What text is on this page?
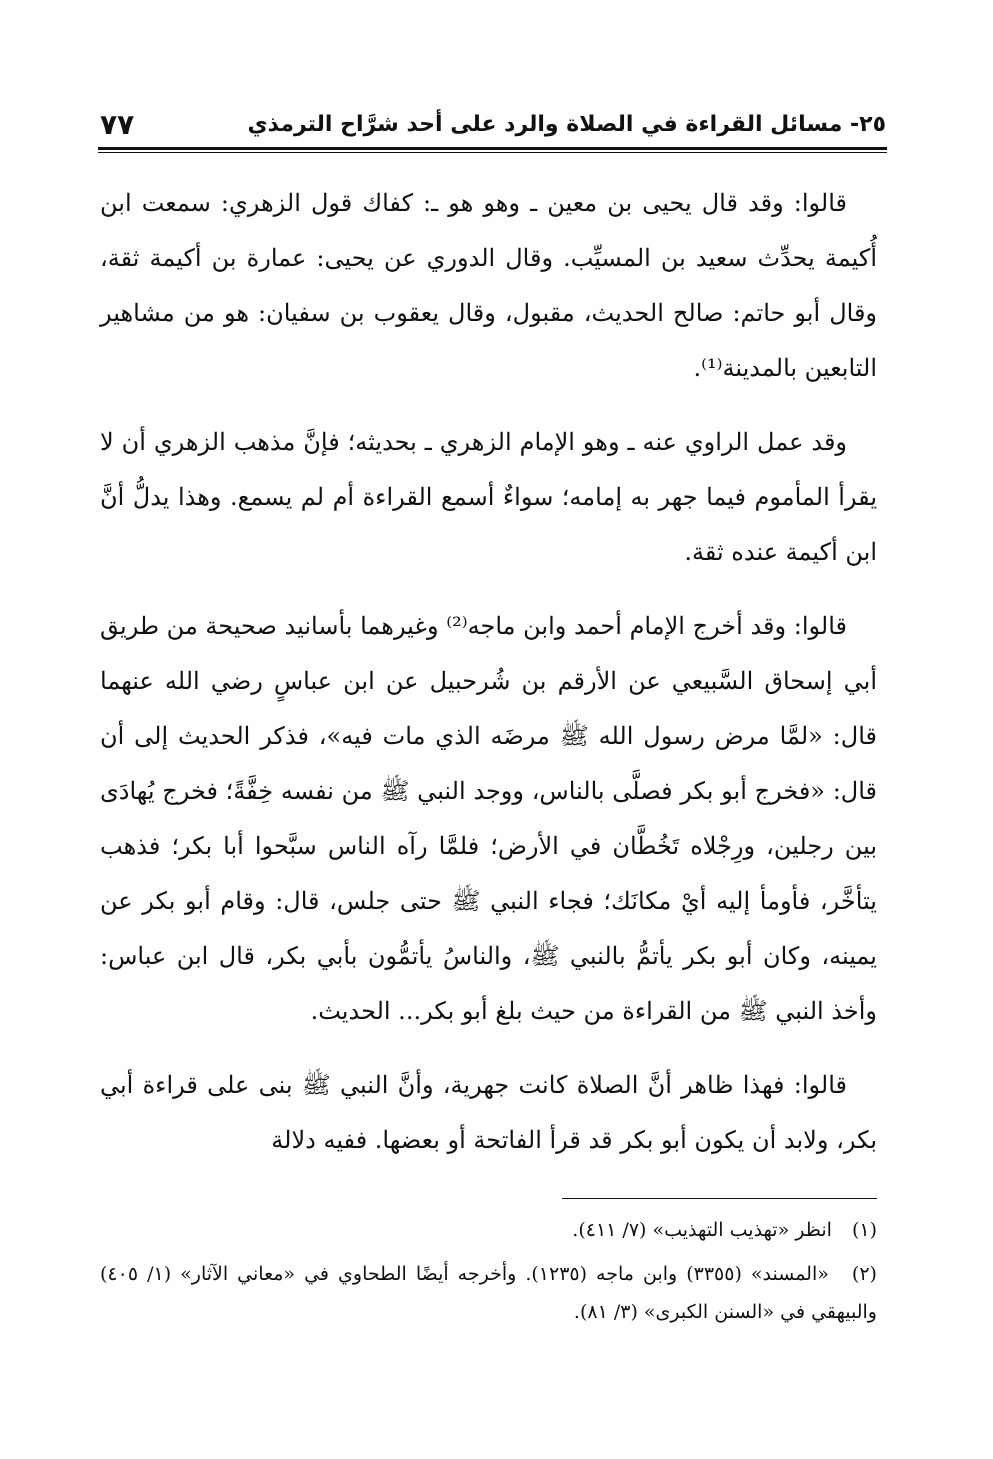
٢٥- مسائل القراءة في الصلاة والرد على أحد شرَّاح الترمذي
٧٧

قالوا: وقد قال يحيى بن معين ـ وهو هو ـ: كفاك قول الزهري: سمعت ابن أُكيمة يحدِّث سعيد بن المسيِّب. وقال الدوري عن يحيى: عمارة بن أكيمة ثقة، وقال أبو حاتم: صالح الحديث، مقبول، وقال يعقوب بن سفيان: هو من مشاهير التابعين بالمدينة⁽¹⁾.

وقد عمل الراوي عنه ـ وهو الإمام الزهري ـ بحديثه؛ فإنَّ مذهب الزهري أن لا يقرأ المأموم فيما جهر به إمامه؛ سواءٌ أسمع القراءة أم لم يسمع. وهذا يدلُّ أنَّ ابن أكيمة عنده ثقة.

قالوا: وقد أخرج الإمام أحمد وابن ماجه⁽²⁾ وغيرهما بأسانيد صحيحة من طريق أبي إسحاق السَّبيعي عن الأرقم بن شُرحبيل عن ابن عباسٍ رضي الله عنهما قال: «لمَّا مرض رسول الله ﷺ مرضَه الذي مات فيه»، فذكر الحديث إلى أن قال: «فخرج أبو بكر فصلَّى بالناس، ووجد النبي ﷺ من نفسه خِفَّةً؛ فخرج يُهادَى بين رجلين، ورِجْلاه تَخُطَّان في الأرض؛ فلمَّا رآه الناس سبَّحوا أبا بكر؛ فذهب يتأخَّر، فأومأ إليه أيْ مكانَك؛ فجاء النبي ﷺ حتى جلس، قال: وقام أبو بكر عن يمينه، وكان أبو بكر يأتمُّ بالنبي ﷺ، والناسُ يأتمُّون بأبي بكر، قال ابن عباس: وأخذ النبي ﷺ من القراءة من حيث بلغ أبو بكر... الحديث.

قالوا: فهذا ظاهر أنَّ الصلاة كانت جهرية، وأنَّ النبي ﷺ بنى على قراءة أبي بكر، ولابد أن يكون أبو بكر قد قرأ الفاتحة أو بعضها. ففيه دلالة

(١) انظر «تهذيب التهذيب» (٧/ ٤١١).

(٢) «المسند» (٣٣٥٥) وابن ماجه (١٢٣٥). وأخرجه أيضًا الطحاوي في «معاني الآثار» (١/ ٤٠٥) والبيهقي في «السنن الكبرى» (٣/ ٨١).
